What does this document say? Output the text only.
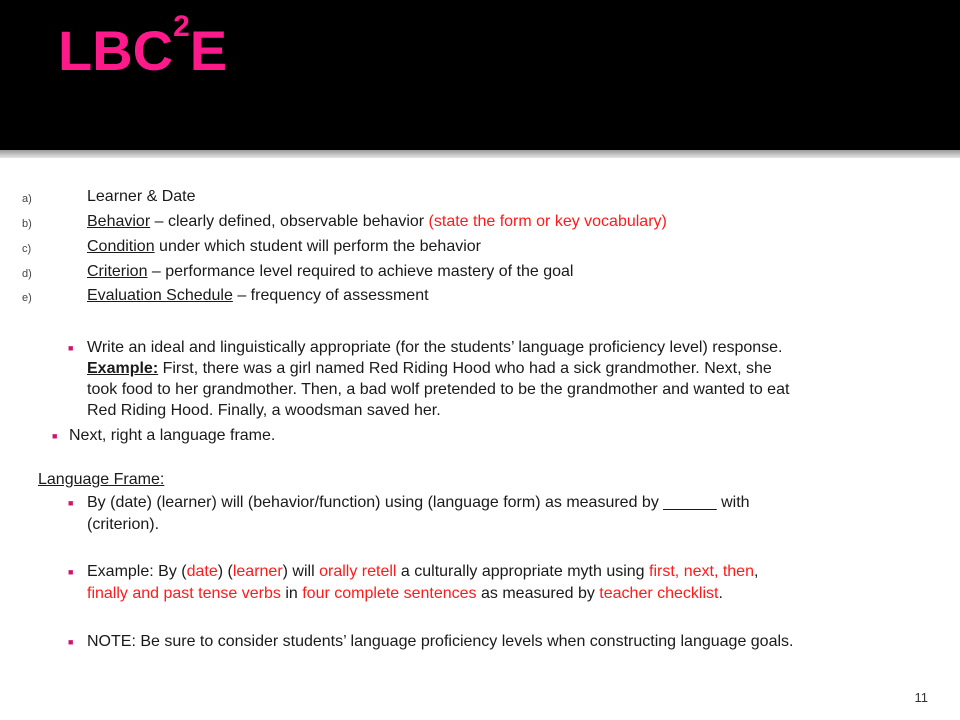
LBC$^2$E
a)	Learner & Date
b)	Behavior – clearly defined, observable behavior (state the form or key vocabulary)
c)	Condition under which student will perform the behavior
d)	Criterion – performance level required to achieve mastery of the goal
e)	Evaluation Schedule – frequency of assessment
■ Write an ideal and linguistically appropriate (for the students’ language proficiency level) response.
Example: First, there was a girl named Red Riding Hood who had a sick grandmother. Next, she
took food to her grandmother. Then, a bad wolf pretended to be the grandmother and wanted to eat
Red Riding Hood. Finally, a woodsman saved her.
■ Next, right a language frame.
Language Frame:
■ By (date) (learner) will (behavior/function) using (language form) as measured by ______ with
(criterion).
■ Example: By (date) (learner) will orally retell a culturally appropriate myth using first, next, then,
finally and past tense verbs in four complete sentences as measured by teacher checklist.
■ NOTE: Be sure to consider students’ language proficiency levels when constructing language goals.
11
